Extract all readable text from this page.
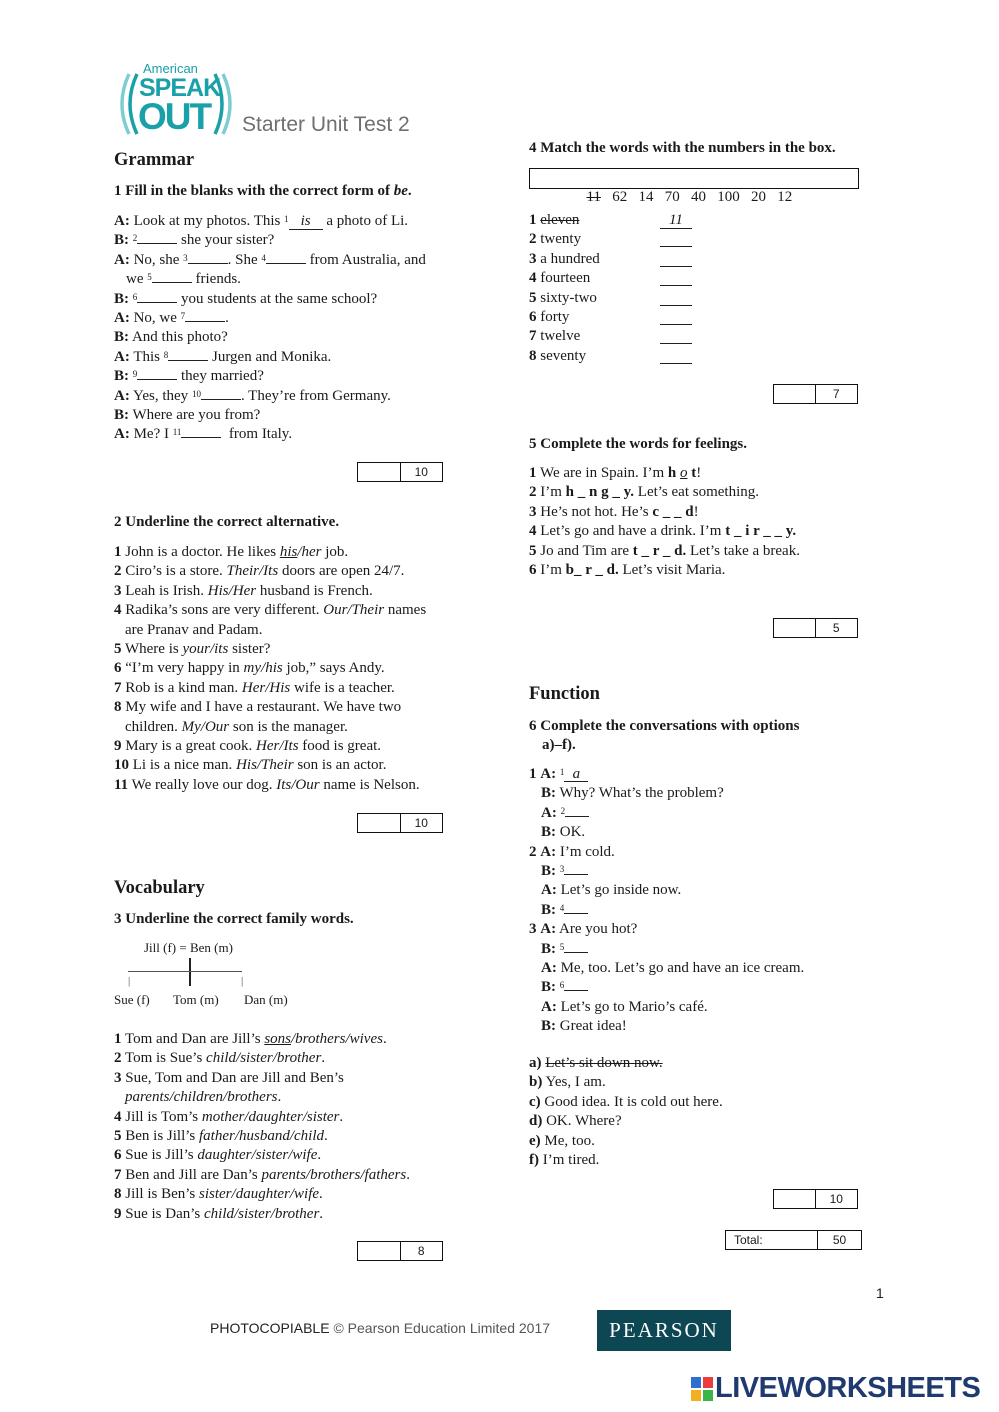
American
SPEAK
OUT Starter Unit Test 2
Grammar
1 Fill in the blanks with the correct form of be.
A: Look at my photos. This $^1$ is a photo of Li.
B: $^2$	she your sister?
A: No, she $^3$	. She $^4$	from Australia, and
we $^5$	friends.
B: $^6$	you students at the same school?
A: No, we $^7$	.
B: And this photo?
A: This $^8$	Jurgen and Monika.
B: $^9$	they married?
A: Yes, they $^{10}$	. They’re from Germany.
B: Where are you from?
A: Me? I $^{11}$	from Italy.
10
2 Underline the correct alternative.
1 John is a doctor. He likes his/her job.
2 Ciro’s is a store. Their/Its doors are open 24/7.
3 Leah is Irish. His/Her husband is French.
4 Radika’s sons are very different. Our/Their names
are Pranav and Padam.
5 Where is your/its sister?
6 “I’m very happy in my/his job,” says Andy.
7 Rob is a kind man. Her/His wife is a teacher.
8 My wife and I have a restaurant. We have two
children. My/Our son is the manager.
9 Mary is a great cook. Her/Its food is great.
10 Li is a nice man. His/Their son is an actor.
11 We really love our dog. Its/Our name is Nelson.
10
Vocabulary
3 Underline the correct family words.
Jill (f) = Ben (m)
|	|
Sue (f) Tom (m) Dan (m)
1 Tom and Dan are Jill’s sons/brothers/wives.
2 Tom is Sue’s child/sister/brother.
3 Sue, Tom and Dan are Jill and Ben’s
parents/children/brothers.
4 Jill is Tom’s mother/daughter/sister.
5 Ben is Jill’s father/husband/child.
6 Sue is Jill’s daughter/sister/wife.
7 Ben and Jill are Dan’s parents/brothers/fathers.
8 Jill is Ben’s sister/daughter/wife.
9 Sue is Dan’s child/sister/brother.
8
4 Match the words with the numbers in the box.

11 62   14   70   40   100   20   12

1 eleven	11
2 twenty
3 a hundred
4 fourteen
5 sixty-two
6 forty
7 twelve
8 seventy
7
5 Complete the words for feelings.
1 We are in Spain. I’m h o t!
2 I’m h _ n g _ y. Let’s eat something.
3 He’s not hot. He’s c _ _ d!
4 Let’s go and have a drink. I’m t _ i r _ _ y.
5 Jo and Tim are t _ r _ d. Let’s take a break.
6 I’m b_ r _ d. Let’s visit Maria.
5
Function
6 Complete the conversations with options
a)–f).
1 A: $^1$ a
B: Why? What’s the problem?
A: $^2$
B: OK.
2 A: I’m cold.
B: $^3$
A: Let’s go inside now.
B: $^4$
3 A: Are you hot?
B: $^5$
A: Me, too. Let’s go and have an ice cream.
B: $^6$
A: Let’s go to Mario’s café.
B: Great idea!
a) Let’s sit down now.
b) Yes, I am.
c) Good idea. It is cold out here.
d) OK. Where?
e) Me, too.
f) I’m tired.
10
Total:	50
1
PHOTOCOPIABLE © Pearson Education Limited 2017	PEARSON
LIVEWORKSHEETS
